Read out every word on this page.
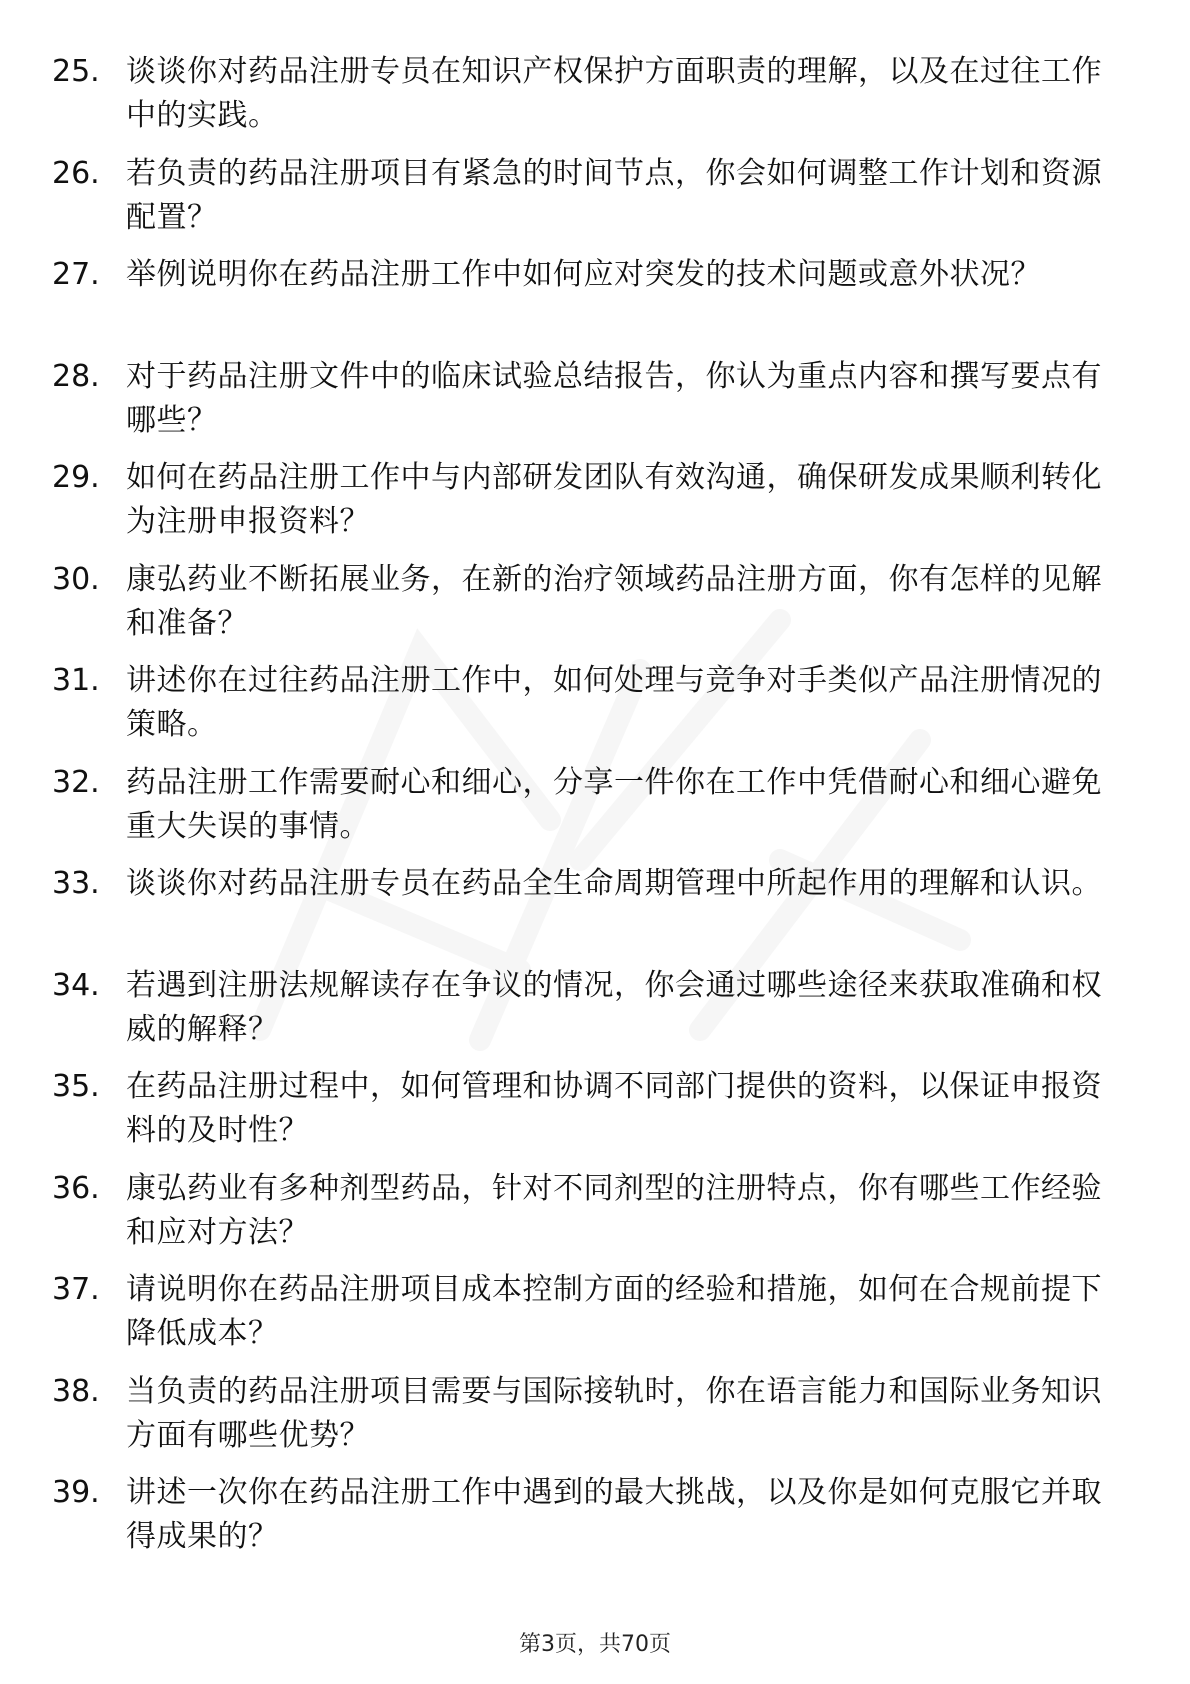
25. 谈谈你对药品注册专员在知识产权保护方面职责的理解，以及在过往工作中的实践。
26. 若负责的药品注册项目有紧急的时间节点，你会如何调整工作计划和资源配置？
27. 举例说明你在药品注册工作中如何应对突发的技术问题或意外状况？
28. 对于药品注册文件中的临床试验总结报告，你认为重点内容和撰写要点有哪些？
29. 如何在药品注册工作中与内部研发团队有效沟通，确保研发成果顺利转化为注册申报资料？
30. 康弘药业不断拓展业务，在新的治疗领域药品注册方面，你有怎样的见解和准备？
31. 讲述你在过往药品注册工作中，如何处理与竞争对手类似产品注册情况的策略。
32. 药品注册工作需要耐心和细心，分享一件你在工作中凭借耐心和细心避免重大失误的事情。
33. 谈谈你对药品注册专员在药品全生命周期管理中所起作用的理解和认识。
34. 若遇到注册法规解读存在争议的情况，你会通过哪些途径来获取准确和权威的解释？
35. 在药品注册过程中，如何管理和协调不同部门提供的资料，以保证申报资料的及时性？
36. 康弘药业有多种剂型药品，针对不同剂型的注册特点，你有哪些工作经验和应对方法？
37. 请说明你在药品注册项目成本控制方面的经验和措施，如何在合规前提下降低成本？
38. 当负责的药品注册项目需要与国际接轨时，你在语言能力和国际业务知识方面有哪些优势？
39. 讲述一次你在药品注册工作中遇到的最大挑战，以及你是如何克服它并取得成果的？
第3页，共70页
